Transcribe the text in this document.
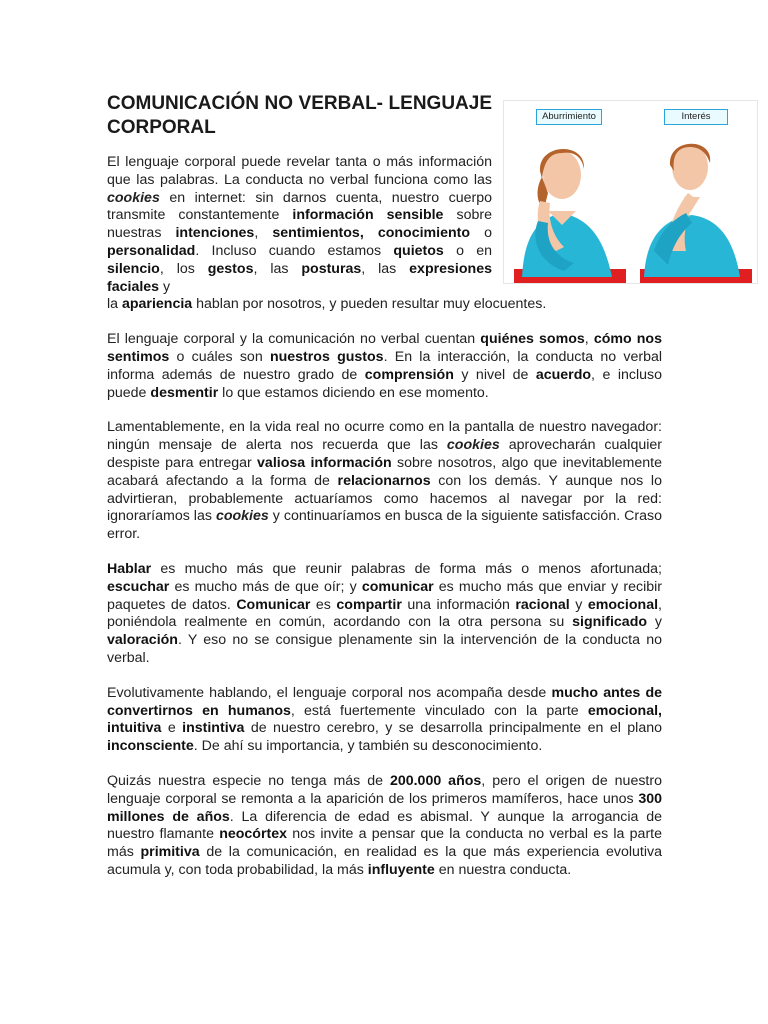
COMUNICACIÓN NO VERBAL- LENGUAJE CORPORAL

El lenguaje corporal puede revelar tanta o más información que las palabras. La conducta no verbal funciona como las cookies en internet: sin darnos cuenta, nuestro cuerpo transmite constantemente información sensible sobre nuestras intenciones, sentimientos, conocimiento o personalidad. Incluso cuando estamos quietos o en silencio, los gestos, las posturas, las expresiones faciales y

la apariencia hablan por nosotros, y pueden resultar muy elocuentes.

El lenguaje corporal y la comunicación no verbal cuentan quiénes somos, cómo nos sentimos o cuáles son nuestros gustos. En la interacción, la conducta no verbal informa además de nuestro grado de comprensión y nivel de acuerdo, e incluso puede desmentir lo que estamos diciendo en ese momento.

Lamentablemente, en la vida real no ocurre como en la pantalla de nuestro navegador: ningún mensaje de alerta nos recuerda que las cookies aprovecharán cualquier despiste para entregar valiosa información sobre nosotros, algo que inevitablemente acabará afectando a la forma de relacionarnos con los demás. Y aunque nos lo advirtieran, probablemente actuaríamos como hacemos al navegar por la red: ignoraríamos las cookies y continuaríamos en busca de la siguiente satisfacción. Craso error.

Hablar es mucho más que reunir palabras de forma más o menos afortunada; escuchar es mucho más de que oír; y comunicar es mucho más que enviar y recibir paquetes de datos. Comunicar es compartir una información racional y emocional, poniéndola realmente en común, acordando con la otra persona su significado y valoración. Y eso no se consigue plenamente sin la intervención de la conducta no verbal.

Evolutivamente hablando, el lenguaje corporal nos acompaña desde mucho antes de convertirnos en humanos, está fuertemente vinculado con la parte emocional, intuitiva e instintiva de nuestro cerebro, y se desarrolla principalmente en el plano inconsciente. De ahí su importancia, y también su desconocimiento.

Quizás nuestra especie no tenga más de 200.000 años, pero el origen de nuestro lenguaje corporal se remonta a la aparición de los primeros mamíferos, hace unos 300 millones de años. La diferencia de edad es abismal. Y aunque la arrogancia de nuestro flamante neocórtex nos invite a pensar que la conducta no verbal es la parte más primitiva de la comunicación, en realidad es la que más experiencia evolutiva acumula y, con toda probabilidad, la más influyente en nuestra conducta.

Aburrimiento	Interés
